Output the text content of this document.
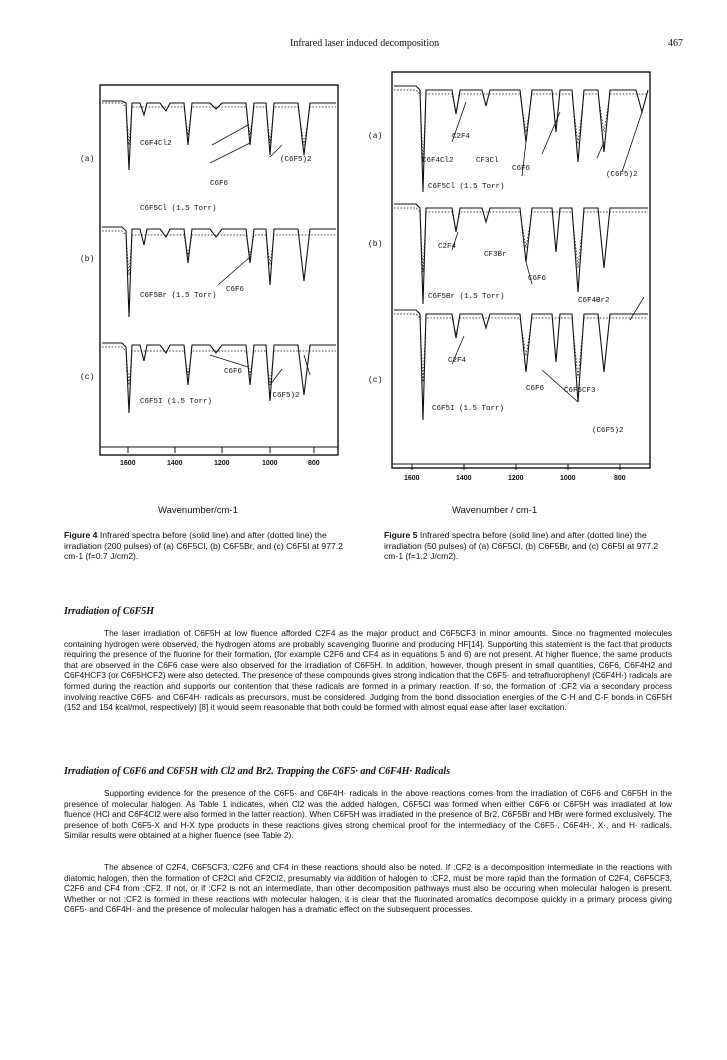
Infrared laser induced decomposition	467
1600	1400	1200	1000	800
C6F4Cl2
C6F6
(C6F5)2
C6F5Cl (1.5 Torr)
C6F5Br (1.5 Torr)
C6F6
C6F6
C6F5I (1.5 Torr)
(C6F5)2
(a)
(b)
(c)
1600	1400	1200	1000	800
C2F4
C6F4Cl2	CF3Cl
C6F6
(C6F5)2
C6F5Cl (1.5 Torr)
C2F4
CF3Br
C6F6
C6F5Br (1.5 Torr)	C6F4Br2
C2F4
C6F6	C6F5CF3
C6F5I (1.5 Torr)
(C6F5)2
(a)
(b)
(c)
Wavenumber/cm-1	Wavenumber / cm-1
Figure 4 Infrared spectra before (solid line) and after (dotted line) the irradiation (200 pulses) of (a) C6F5Cl, (b) C6F5Br, and (c) C6F5I at 977.2 cm-1 (f=0.7 J/cm2).
Figure 5 Infrared spectra before (solid line) and after (dotted line) the irradiation (50 pulses) of (a) C6F5Cl, (b) C6F5Br, and (c) C6F5I at 977.2 cm-1 (f=1.2 J/cm2).
Irradiation of C6F5H

The laser irradiation of C6F5H at low fluence afforded C2F4 as the major product and C6F5CF3 in minor amounts. Since no fragmented molecules containing hydrogen were observed, the hydrogen atoms are probably scavenging fluorine and producing HF[14]. Supporting this statement is the fact that products requiring the presence of the fluorine for their formation, (for example C2F6 and CF4 as in equations 5 and 6) are not present. At higher fluence, the same products that are observed in the C6F6 case were also observed for the irradiation of C6F5H. In addition, however, though present in small quantities, C6F6, C6F4H2 and C6F4HCF3 (or C6F5HCF2) were also detected. The presence of these compounds gives strong indication that the C6F5· and tetrafluorophenyl (C6F4H·) radicals are formed during the reaction and supports our contention that these radicals are formed in a primary reaction. If so, the formation of :CF2 via a secondary process involving reactive C6F5· and C6F4H· radicals as precursors, must be considered. Judging from the bond dissociation energies of the C-H and C-F bonds in C6F5H (152 and 154 kcal/mol, respectively) [8] it would seem reasonable that both could be formed with almost equal ease after laser excitation.

Irradiation of C6F6 and C6F5H with Cl2 and Br2. Trapping the C6F5· and C6F4H· Radicals

Supporting evidence for the presence of the C6F5· and C6F4H· radicals in the above reactions comes from the irradiation of C6F6 and C6F5H in the presence of molecular halogen. As Table 1 indicates, when Cl2 was the added halogen, C6F5Cl was formed when either C6F6 or C6F5H was irradiated at low fluence (HCl and C6F4Cl2 were also formed in the latter reaction). When C6F5H was irradiated in the presence of Br2, C6F5Br and HBr were formed exclusively. The presence of both C6F5-X and H-X type products in these reactions gives strong chemical proof for the intermediacy of the C6F5·, C6F4H·, X·, and H· radicals. Similar results were obtained at a higher fluence (see Table 2).

The absence of C2F4, C6F5CF3, C2F6 and CF4 in these reactions should also be noted. If :CF2 is a decomposition intermediate in the reactions with diatomic halogen, then the formation of CF2Cl and CF2Cl2, presumably via addition of halogen to :CF2, must be more rapid than the formation of C2F4, C6F5CF3, C2F6 and CF4 from :CF2. If not, or if :CF2 is not an intermediate, than other decomposition pathways must also be occuring when molecular halogen is present. Whether or not :CF2 is formed in these reactions with molecular halogen, it is clear that the fluorinated aromatics decompose quickly in a primary process giving C6F5· and C6F4H· and the presence of molecular halogen has a dramatic effect on the subsequent processes.
